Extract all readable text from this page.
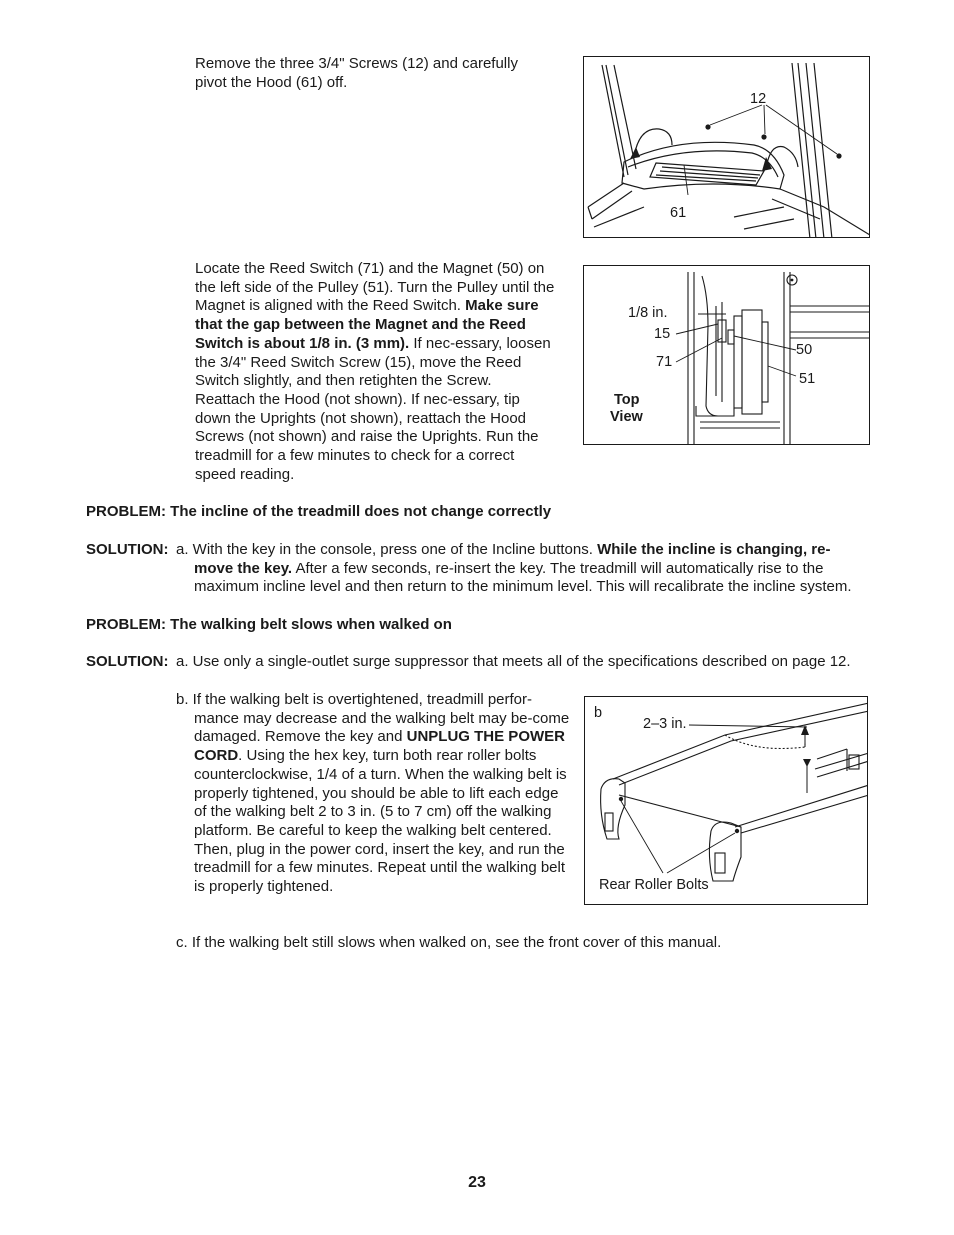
Remove the three 3/4" Screws (12) and carefully pivot the Hood (61) off.
12
61
Locate the Reed Switch (71) and the Magnet (50) on the left side of the Pulley (51). Turn the Pulley until the Magnet is aligned with the Reed Switch. Make sure that the gap between the Magnet and the Reed Switch is about 1/8 in. (3 mm). If nec-essary, loosen the 3/4" Reed Switch Screw (15), move the Reed Switch slightly, and then retighten the Screw. Reattach the Hood (not shown). If nec-essary, tip down the Uprights (not shown), reattach the Hood Screws (not shown) and raise the Uprights. Run the treadmill for a few minutes to check for a correct speed reading.
1/8 in.
15
71
50
51
Top
View
PROBLEM: The incline of the treadmill does not change correctly
SOLUTION: a. With the key in the console, press one of the Incline buttons. While the incline is changing, re-move the key. After a few seconds, re-insert the key. The treadmill will automatically rise to the maximum incline level and then return to the minimum level. This will recalibrate the incline system.
PROBLEM: The walking belt slows when walked on
SOLUTION: a. Use only a single-outlet surge suppressor that meets all of the specifications described on page 12.
b. If the walking belt is overtightened, treadmill perfor-mance may decrease and the walking belt may be-come damaged. Remove the key and UNPLUG THE POWER CORD. Using the hex key, turn both rear roller bolts counterclockwise, 1/4 of a turn. When the walking belt is properly tightened, you should be able to lift each edge of the walking belt 2 to 3 in. (5 to 7 cm) off the walking platform. Be careful to keep the walking belt centered. Then, plug in the power cord, insert the key, and run the treadmill for a few minutes. Repeat until the walking belt is properly tightened.
b
2–3 in.
Rear Roller Bolts
c. If the walking belt still slows when walked on, see the front cover of this manual.
23
